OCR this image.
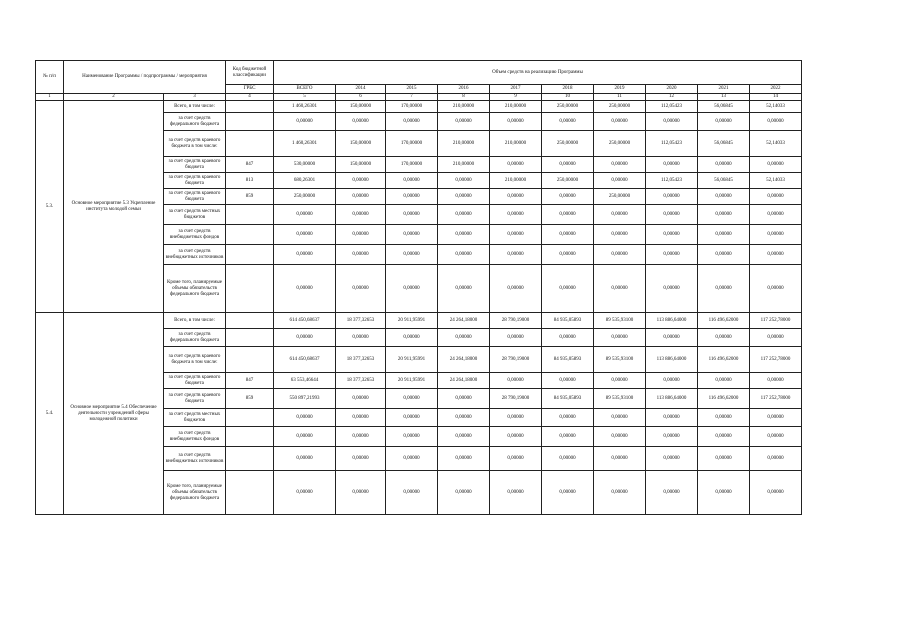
№ п/п	Наименование Программы / подпрограммы / мероприятия		Код бюджетной классификации	Объем средств на реализацию Программы									
			ГРБС	ВСЕГО	2014	2015	2016	2017	2018	2019	2020	2021	2022
1	2	3	4	5	6	7	8	9	10	11	12	13	14
5.3.	Основное мероприятие 5.3 Укрепление института молодой семьи	Всего, в том числе:		1 460,26301	150,00000	170,00000	210,00000	210,00000	250,00000	250,00000	112,05423	56,06845	52,14033
		за счет средств федерального бюджета		0,00000	0,00000	0,00000	0,00000	0,00000	0,00000	0,00000	0,00000	0,00000	0,00000
		за счет средств краевого бюджета в том числе:		1 460,26301	150,00000	170,00000	210,00000	210,00000	250,00000	250,00000	112,05423	56,06845	52,14033
		за счет средств краевого бюджета	847	530,00000	150,00000	170,00000	210,00000	0,00000	0,00000	0,00000	0,00000	0,00000	0,00000
		за счет средств краевого бюджета	813	680,26301	0,00000	0,00000	0,00000	210,00000	250,00000	0,00000	112,05423	56,06845	52,14033
		за счет средств краевого бюджета	859	250,00000	0,00000	0,00000	0,00000	0,00000	0,00000	250,00000	0,00000	0,00000	0,00000
		за счет средств местных бюджетов		0,00000	0,00000	0,00000	0,00000	0,00000	0,00000	0,00000	0,00000	0,00000	0,00000
		за счет средств внебюджетных фондов		0,00000	0,00000	0,00000	0,00000	0,00000	0,00000	0,00000	0,00000	0,00000	0,00000
		за счет средств внебюджетных источников		0,00000	0,00000	0,00000	0,00000	0,00000	0,00000	0,00000	0,00000	0,00000	0,00000
		Кроме того, планируемые объемы обязательств федерального бюджета		0,00000	0,00000	0,00000	0,00000	0,00000	0,00000	0,00000	0,00000	0,00000	0,00000
5.4.	Основное мероприятие 5.4 Обеспечение деятельности учреждений сферы молодежной политики	Всего, в том числе:		614 450,68637	18 377,32653	20 911,95991	24 264,18000	28 790,19000	84 935,05893	89 535,93100	113 886,64000	116 496,62000	117 252,78000
		за счет средств федерального бюджета		0,00000	0,00000	0,00000	0,00000	0,00000	0,00000	0,00000	0,00000	0,00000	0,00000
		за счет средств краевого бюджета в том числе:		614 450,68637	18 377,32653	20 911,95991	24 264,18000	28 790,19000	84 935,05893	89 535,93100	113 886,64000	116 496,62000	117 252,78000
		за счет средств краевого бюджета	847	63 553,46644	18 377,32653	20 911,95991	24 264,18000	0,00000	0,00000	0,00000	0,00000	0,00000	0,00000
		за счет средств краевого бюджета	859	550 897,21993	0,00000	0,00000	0,00000	28 790,19000	84 935,05893	89 535,93100	113 886,64000	116 496,62000	117 252,78000
		за счет средств местных бюджетов		0,00000	0,00000	0,00000	0,00000	0,00000	0,00000	0,00000	0,00000	0,00000	0,00000
		за счет средств внебюджетных фондов		0,00000	0,00000	0,00000	0,00000	0,00000	0,00000	0,00000	0,00000	0,00000	0,00000
		за счет средств внебюджетных источников		0,00000	0,00000	0,00000	0,00000	0,00000	0,00000	0,00000	0,00000	0,00000	0,00000
		Кроме того, планируемые объемы обязательств федерального бюджета		0,00000	0,00000	0,00000	0,00000	0,00000	0,00000	0,00000	0,00000	0,00000	0,00000
